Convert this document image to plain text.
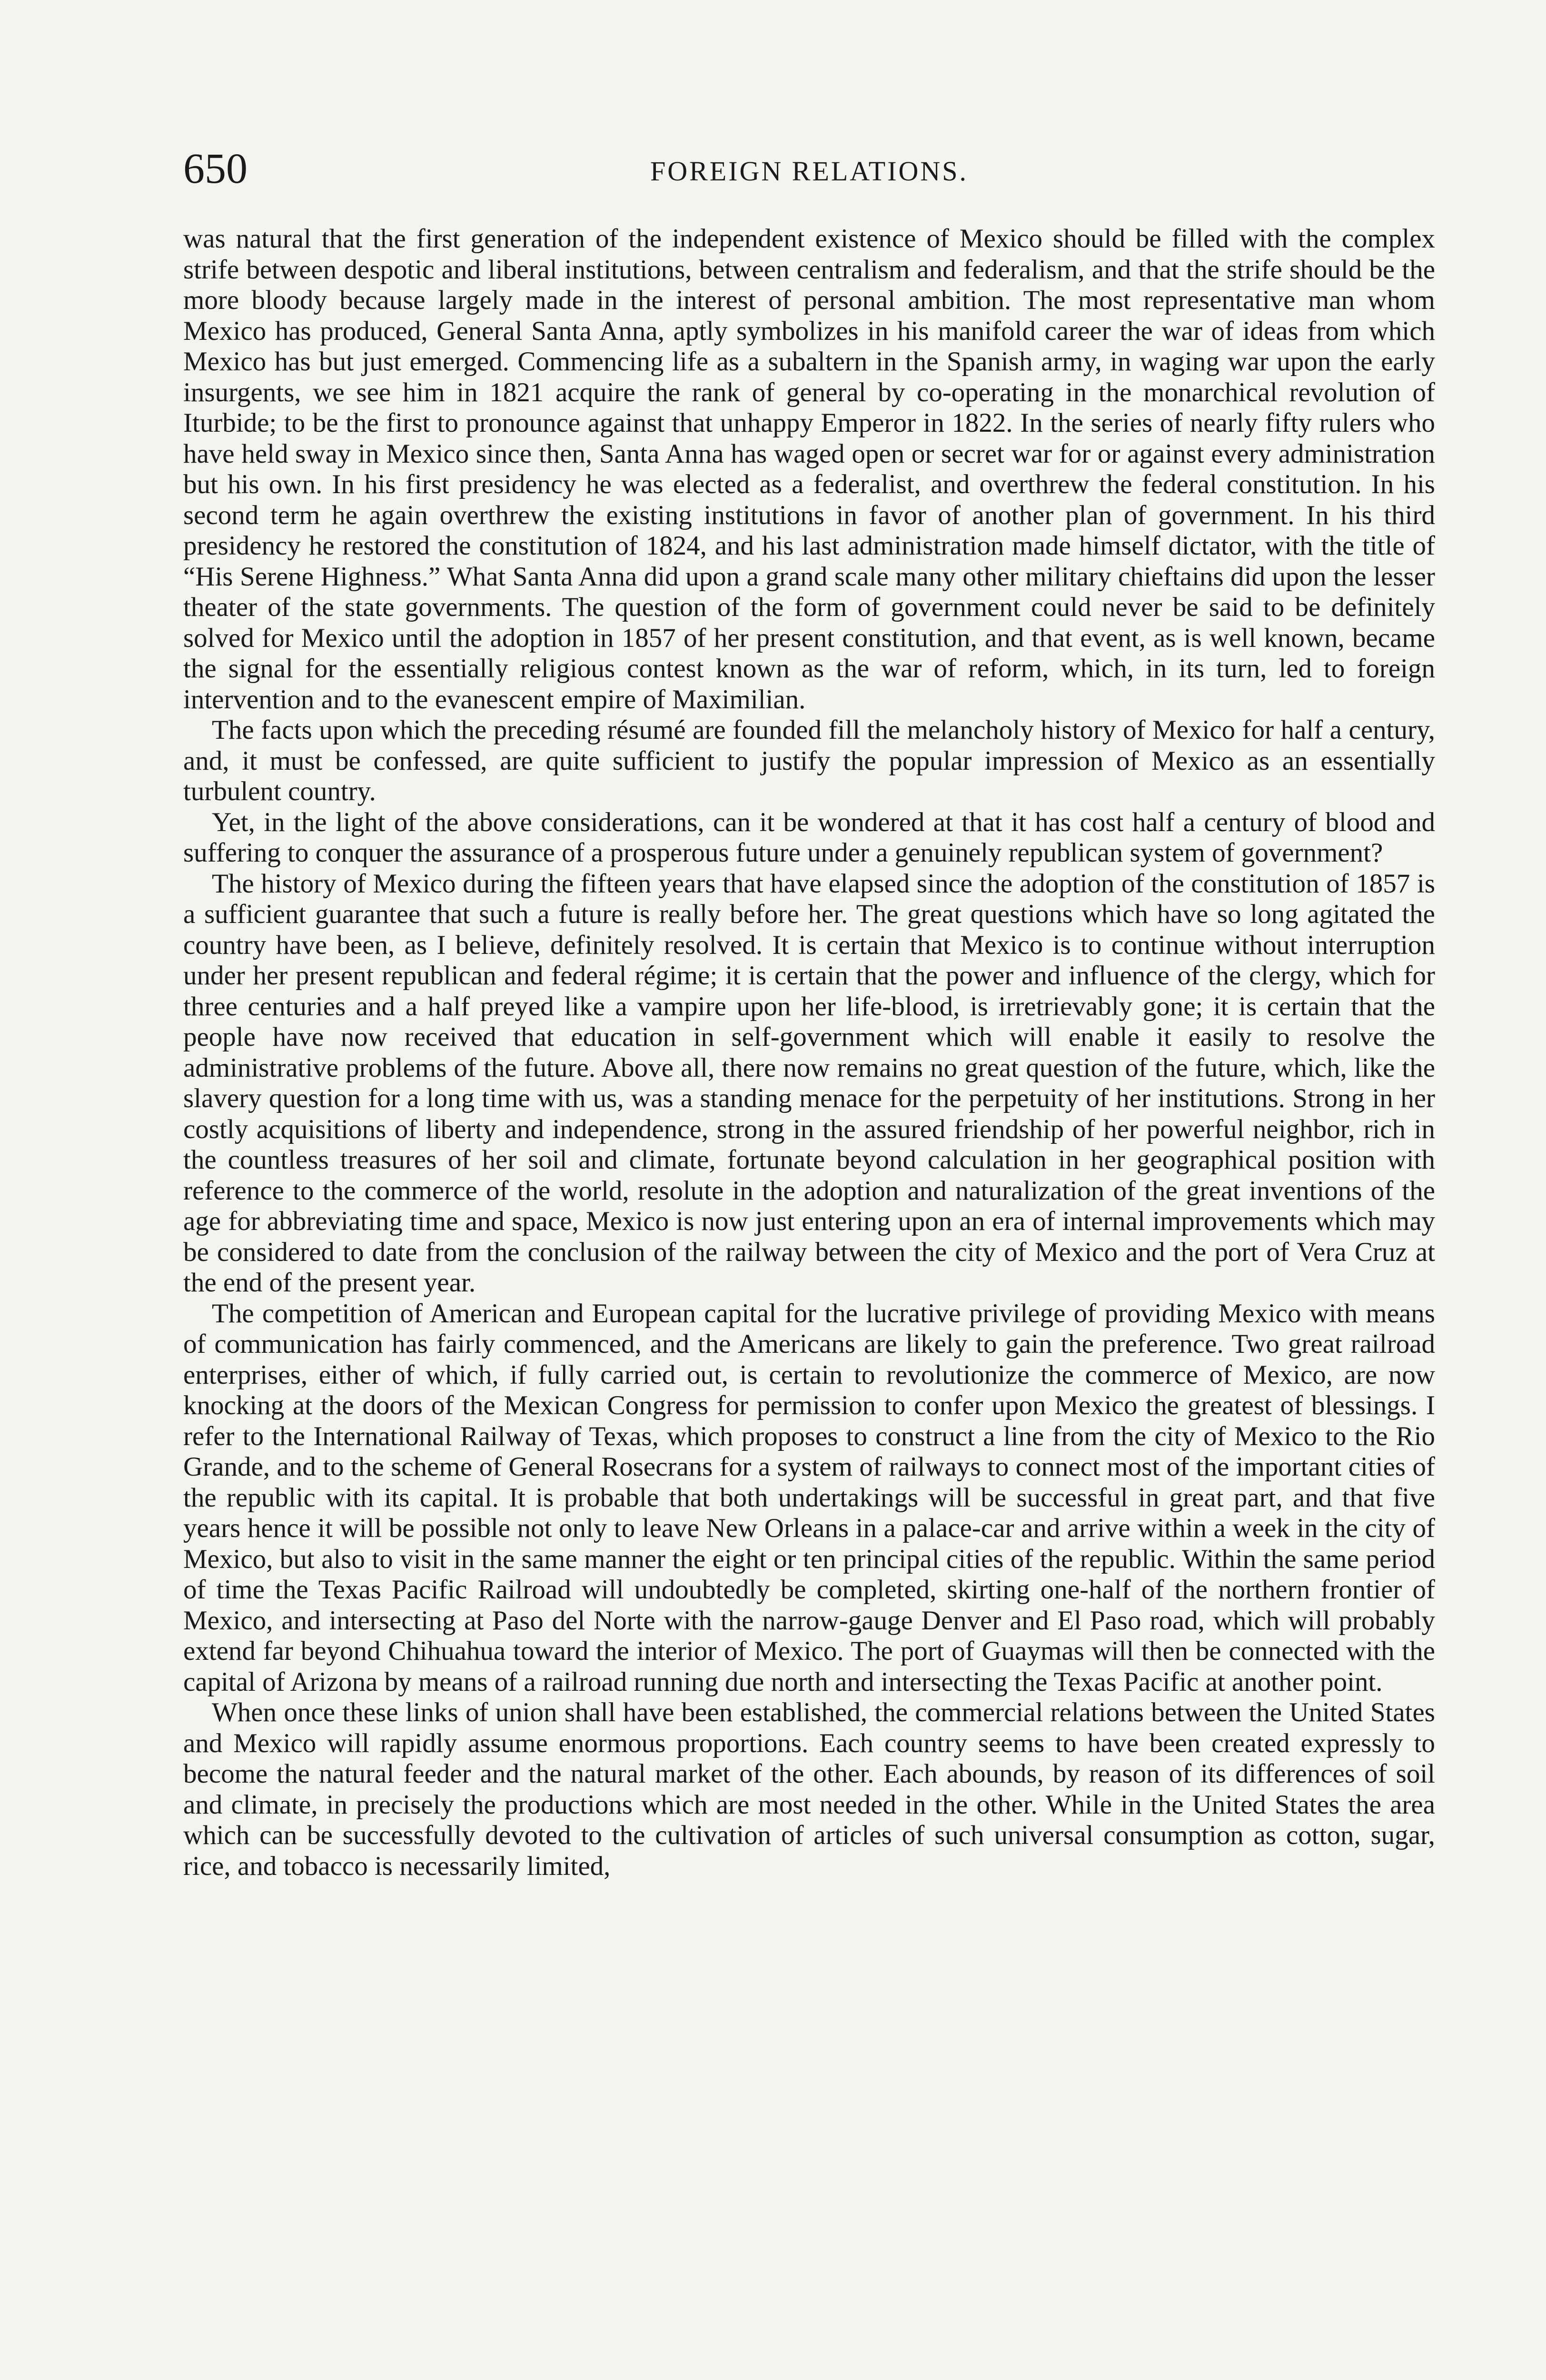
650	FOREIGN RELATIONS.

was natural that the first generation of the independent existence of Mexico should be filled with the complex strife between despotic and liberal institutions, between centralism and federalism, and that the strife should be the more bloody because largely made in the interest of personal ambition. The most representative man whom Mexico has produced, General Santa Anna, aptly symbolizes in his manifold career the war of ideas from which Mexico has but just emerged. Commencing life as a subaltern in the Spanish army, in waging war upon the early insurgents, we see him in 1821 acquire the rank of general by co-operating in the monarchical revolution of Iturbide; to be the first to pronounce against that unhappy Emperor in 1822. In the series of nearly fifty rulers who have held sway in Mexico since then, Santa Anna has waged open or secret war for or against every administration but his own. In his first presidency he was elected as a federalist, and overthrew the federal constitution. In his second term he again overthrew the existing institutions in favor of another plan of government. In his third presidency he restored the constitution of 1824, and his last administration made himself dictator, with the title of “His Serene Highness.” What Santa Anna did upon a grand scale many other military chieftains did upon the lesser theater of the state governments. The question of the form of government could never be said to be definitely solved for Mexico until the adoption in 1857 of her present constitution, and that event, as is well known, became the signal for the essentially religious contest known as the war of reform, which, in its turn, led to foreign intervention and to the evanescent empire of Maximilian.

The facts upon which the preceding résumé are founded fill the melancholy history of Mexico for half a century, and, it must be confessed, are quite sufficient to justify the popular impression of Mexico as an essentially turbulent country.

Yet, in the light of the above considerations, can it be wondered at that it has cost half a century of blood and suffering to conquer the assurance of a prosperous future under a genuinely republican system of government?

The history of Mexico during the fifteen years that have elapsed since the adoption of the constitution of 1857 is a sufficient guarantee that such a future is really before her. The great questions which have so long agitated the country have been, as I believe, definitely resolved. It is certain that Mexico is to continue without interruption under her present republican and federal régime; it is certain that the power and influence of the clergy, which for three centuries and a half preyed like a vampire upon her life-blood, is irretrievably gone; it is certain that the people have now received that education in self-government which will enable it easily to resolve the administrative problems of the future. Above all, there now remains no great question of the future, which, like the slavery question for a long time with us, was a standing menace for the perpetuity of her institutions. Strong in her costly acquisitions of liberty and independence, strong in the assured friendship of her powerful neighbor, rich in the countless treasures of her soil and climate, fortunate beyond calculation in her geographical position with reference to the commerce of the world, resolute in the adoption and naturalization of the great inventions of the age for abbreviating time and space, Mexico is now just entering upon an era of internal improvements which may be considered to date from the conclusion of the railway between the city of Mexico and the port of Vera Cruz at the end of the present year.

The competition of American and European capital for the lucrative privilege of providing Mexico with means of communication has fairly commenced, and the Americans are likely to gain the preference. Two great railroad enterprises, either of which, if fully carried out, is certain to revolutionize the commerce of Mexico, are now knocking at the doors of the Mexican Congress for permission to confer upon Mexico the greatest of blessings. I refer to the International Railway of Texas, which proposes to construct a line from the city of Mexico to the Rio Grande, and to the scheme of General Rosecrans for a system of railways to connect most of the important cities of the republic with its capital. It is probable that both undertakings will be successful in great part, and that five years hence it will be possible not only to leave New Orleans in a palace-car and arrive within a week in the city of Mexico, but also to visit in the same manner the eight or ten principal cities of the republic. Within the same period of time the Texas Pacific Railroad will undoubtedly be completed, skirting one-half of the northern frontier of Mexico, and intersecting at Paso del Norte with the narrow-gauge Denver and El Paso road, which will probably extend far beyond Chihuahua toward the interior of Mexico. The port of Guaymas will then be connected with the capital of Arizona by means of a railroad running due north and intersecting the Texas Pacific at another point.

When once these links of union shall have been established, the commercial relations between the United States and Mexico will rapidly assume enormous proportions. Each country seems to have been created expressly to become the natural feeder and the natural market of the other. Each abounds, by reason of its differences of soil and climate, in precisely the productions which are most needed in the other. While in the United States the area which can be successfully devoted to the cultivation of articles of such universal consumption as cotton, sugar, rice, and tobacco is necessarily limited,
